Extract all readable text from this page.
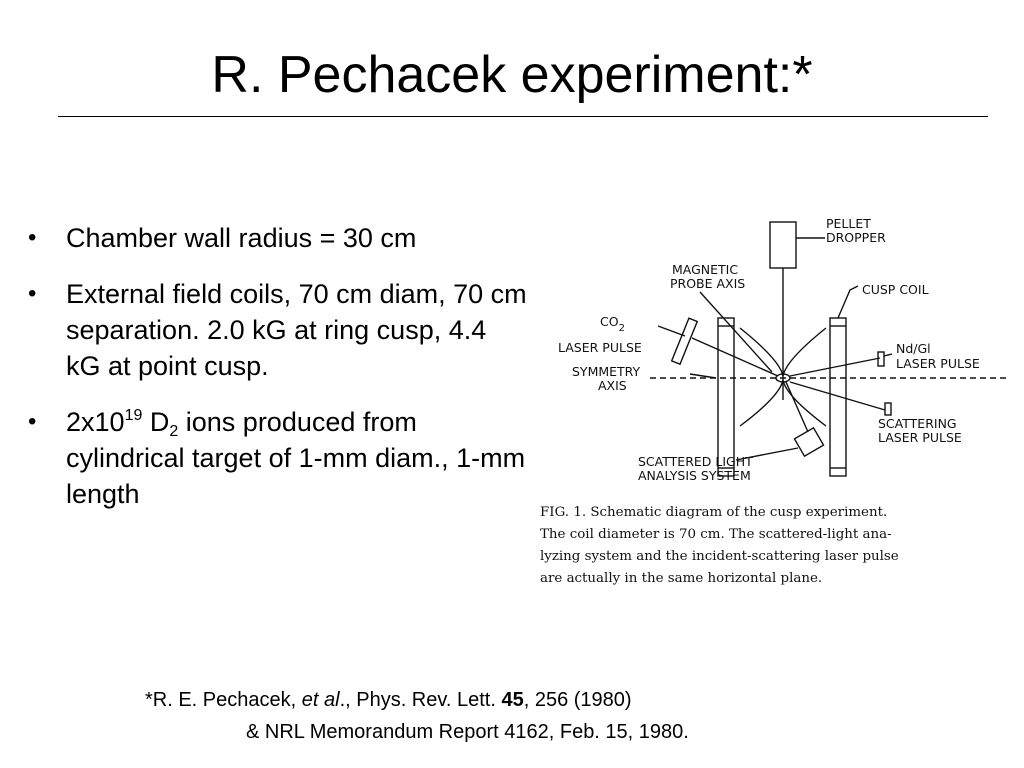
R. Pechacek experiment:*
• Chamber wall radius = 30 cm
• External field coils, 70 cm diam, 70 cm separation. 2.0 kG at ring cusp, 4.4 kG at point cusp.
• $2x10^{19}$ $D_2$ ions produced from cylindrical target of 1-mm diam., 1-mm length
PELLET
DROPPER
MAGNETIC
PROBE AXIS	CUSP COIL
$CO_2$
LASER PULSE
SYMMETRY
AXIS
Nd/Gl
LASER PULSE
SCATTERING
LASER PULSE
SCATTERED LIGHT
ANALYSIS SYSTEM
FIG. 1. Schematic diagram of the cusp experiment.
The coil diameter is 70 cm. The scattered-light ana-
lyzing system and the incident-scattering laser pulse
are actually in the same horizontal plane.
*R. E. Pechacek, et al., Phys. Rev. Lett. 45, 256 (1980)
& NRL Memorandum Report 4162, Feb. 15, 1980.
